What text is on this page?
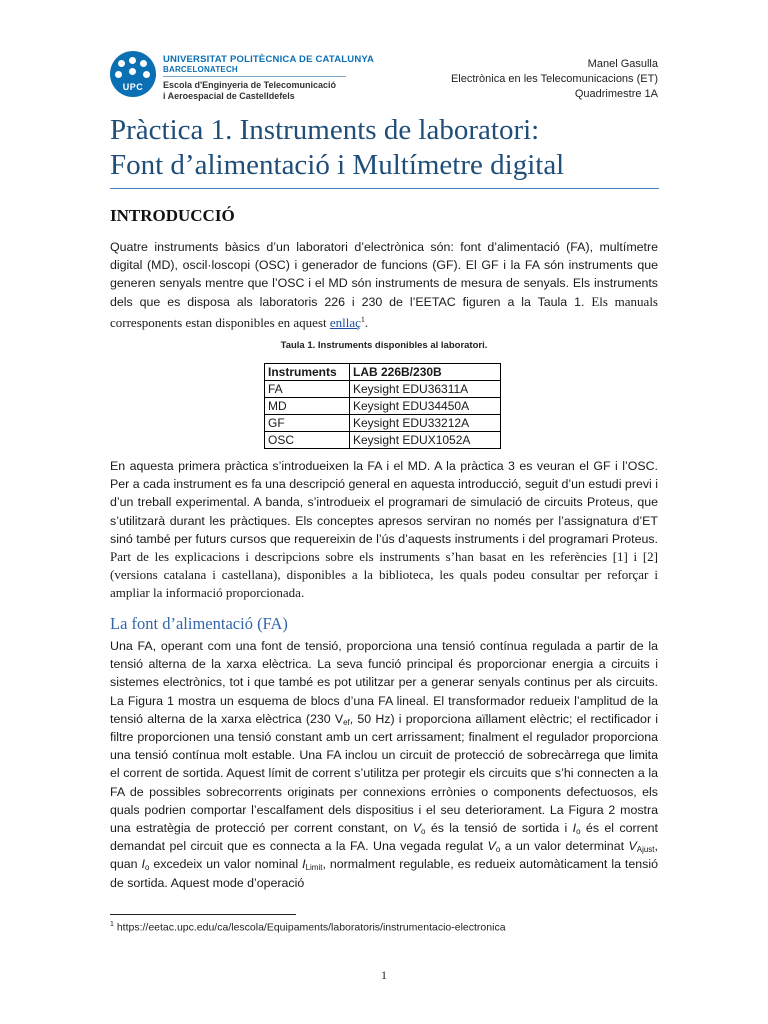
UPC
UNIVERSITAT POLITÈCNICA DE CATALUNYA
BARCELONATECH
Escola d'Enginyeria de Telecomunicació
i Aeroespacial de Castelldefels
Manel Gasulla
Electrònica en les Telecomunicacions (ET)
Quadrimestre 1A
Pràctica 1. Instruments de laboratori:
Font d’alimentació i Multímetre digital
INTRODUCCIÓ
Quatre instruments bàsics d’un laboratori d’electrònica són: font d’alimentació (FA), multímetre digital (MD), oscil·loscopi (OSC) i generador de funcions (GF). El GF i la FA són instruments que generen senyals mentre que l’OSC i el MD són instruments de mesura de senyals. Els instruments dels que es disposa als laboratoris 226 i 230 de l’EETAC figuren a la Taula 1. Els manuals corresponents estan disponibles en aquest enllaç$^1$.
Taula 1. Instruments disponibles al laboratori.
Instruments	LAB 226B/230B
FA	Keysight EDU36311A
MD	Keysight EDU34450A
GF	Keysight EDU33212A
OSC	Keysight EDUX1052A
En aquesta primera pràctica s’introdueixen la FA i el MD. A la pràctica 3 es veuran el GF i l’OSC. Per a cada instrument es fa una descripció general en aquesta introducció, seguit d’un estudi previ i d’un treball experimental. A banda, s’introdueix el programari de simulació de circuits Proteus, que s’utilitzarà durant les pràctiques. Els conceptes apresos serviran no només per l’assignatura d’ET sinó també per futurs cursos que requereixin de l’ús d’aquests instruments i del programari Proteus. Part de les explicacions i descripcions sobre els instruments s’han basat en les referències [1] i [2] (versions catalana i castellana), disponibles a la biblioteca, les quals podeu consultar per reforçar i ampliar la informació proporcionada.
La font d’alimentació (FA)
Una FA, operant com una font de tensió, proporciona una tensió contínua regulada a partir de la tensió alterna de la xarxa elèctrica. La seva funció principal és proporcionar energia a circuits i sistemes electrònics, tot i que també es pot utilitzar per a generar senyals continus per als circuits. La Figura 1 mostra un esquema de blocs d’una FA lineal. El transformador redueix l’amplitud de la tensió alterna de la xarxa elèctrica (230 $V_{ef}$, 50 Hz) i proporciona aïllament elèctric; el rectificador i filtre proporcionen una tensió constant amb un cert arrissament; finalment el regulador proporciona una tensió contínua molt estable. Una FA inclou un circuit de protecció de sobrecàrrega que limita el corrent de sortida. Aquest límit de corrent s’utilitza per protegir els circuits que s’hi connecten a la FA de possibles sobrecorrents originats per connexions errònies o components defectuosos, els quals podrien comportar l’escalfament dels dispositius i el seu deteriorament. La Figura 2 mostra una estratègia de protecció per corrent constant, on $V_o$ és la tensió de sortida i $I_o$ és el corrent demandat pel circuit que es connecta a la FA. Una vegada regulat $V_o$ a un valor determinat $V_{Ajust}$, quan $I_o$ excedeix un valor nominal $I_{Limit}$, normalment regulable, es redueix automàticament la tensió de sortida. Aquest mode d’operació
$^1$ https://eetac.upc.edu/ca/lescola/Equipaments/laboratoris/instrumentacio-electronica
1
